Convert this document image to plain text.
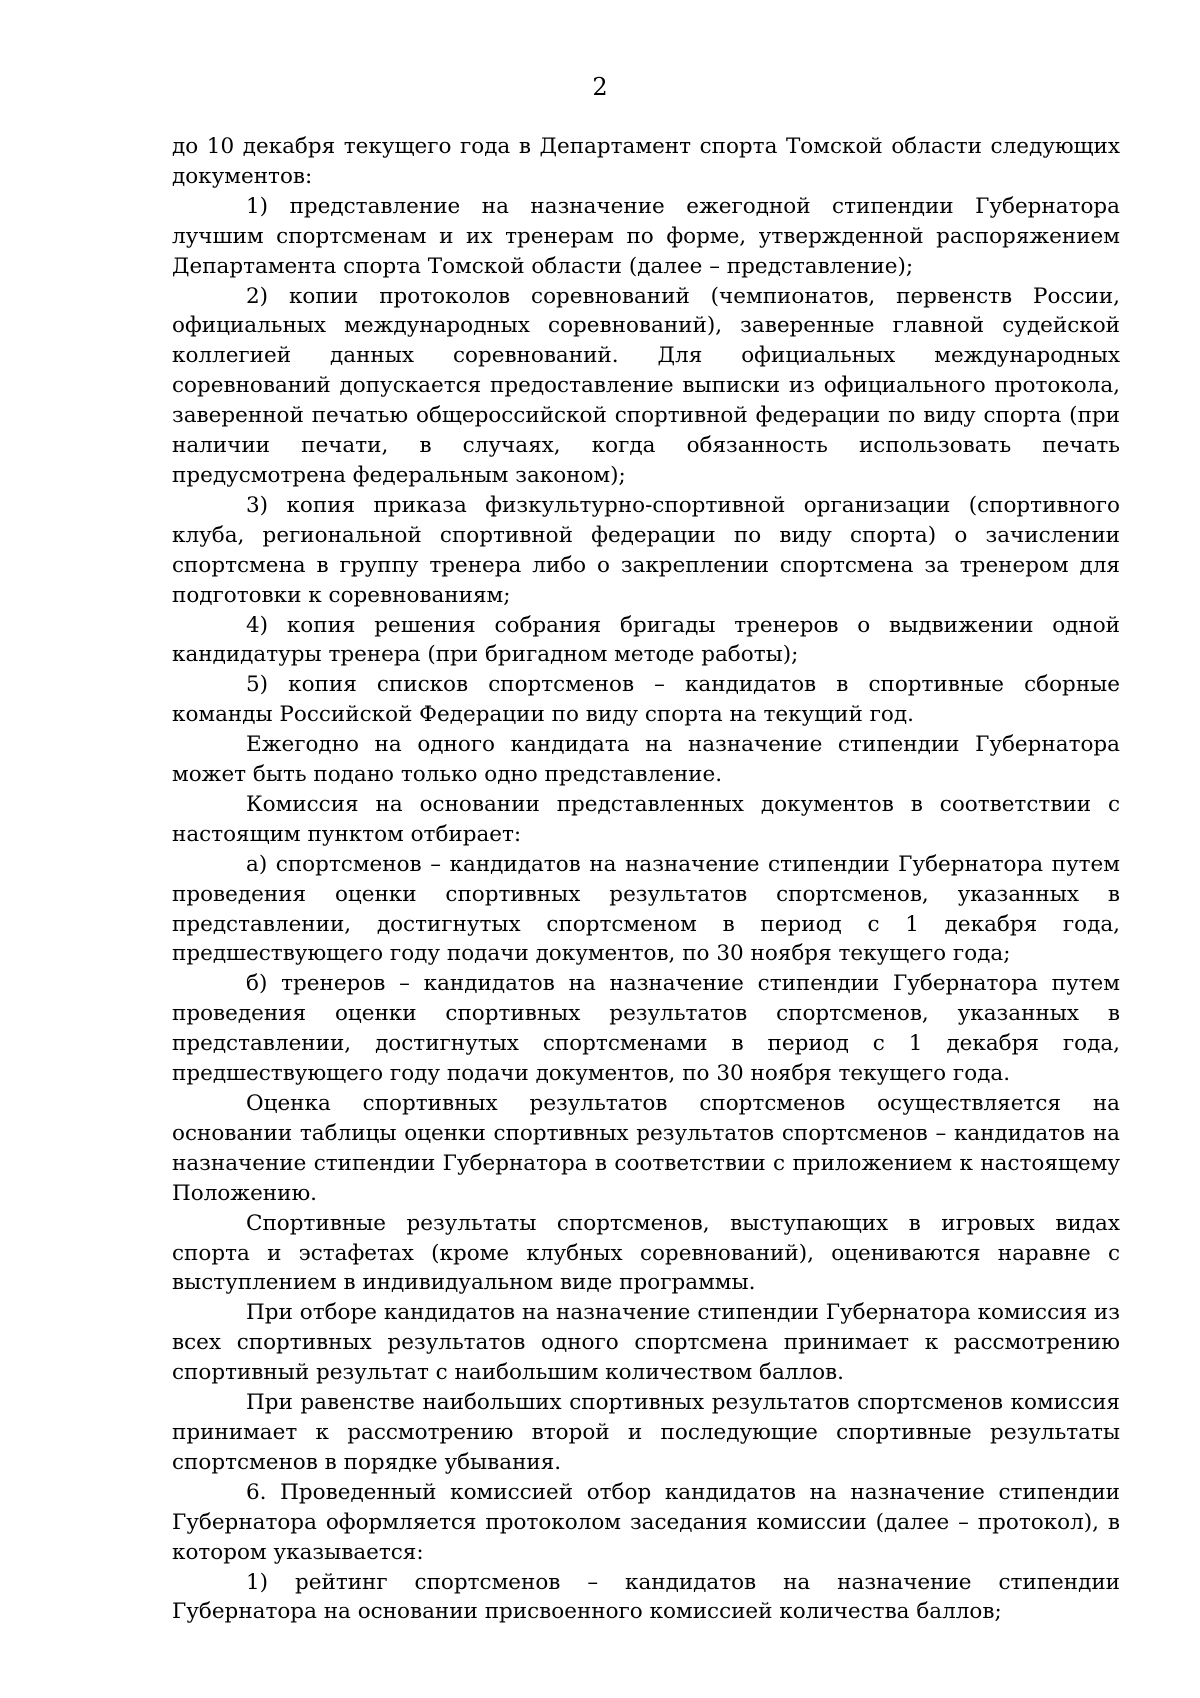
2

до 10 декабря текущего года в Департамент спорта Томской области следующих документов:

1) представление на назначение ежегодной стипендии Губернатора лучшим спортсменам и их тренерам по форме, утвержденной распоряжением Департамента спорта Томской области (далее – представление);

2) копии протоколов соревнований (чемпионатов, первенств России, официальных международных соревнований), заверенные главной судейской коллегией данных соревнований. Для официальных международных соревнований допускается предоставление выписки из официального протокола, заверенной печатью общероссийской спортивной федерации по виду спорта (при наличии печати, в случаях, когда обязанность использовать печать предусмотрена федеральным законом);

3) копия приказа физкультурно-спортивной организации (спортивного клуба, региональной спортивной федерации по виду спорта) о зачислении спортсмена в группу тренера либо о закреплении спортсмена за тренером для подготовки к соревнованиям;

4) копия решения собрания бригады тренеров о выдвижении одной кандидатуры тренера (при бригадном методе работы);

5) копия списков спортсменов – кандидатов в спортивные сборные команды Российской Федерации по виду спорта на текущий год.

Ежегодно на одного кандидата на назначение стипендии Губернатора может быть подано только одно представление.

Комиссия на основании представленных документов в соответствии с настоящим пунктом отбирает:

а) спортсменов – кандидатов на назначение стипендии Губернатора путем проведения оценки спортивных результатов спортсменов, указанных в представлении, достигнутых спортсменом в период с 1 декабря года, предшествующего году подачи документов, по 30 ноября текущего года;

б) тренеров – кандидатов на назначение стипендии Губернатора путем проведения оценки спортивных результатов спортсменов, указанных в представлении, достигнутых спортсменами в период с 1 декабря года, предшествующего году подачи документов, по 30 ноября текущего года.

Оценка спортивных результатов спортсменов осуществляется на основании таблицы оценки спортивных результатов спортсменов – кандидатов на назначение стипендии Губернатора в соответствии с приложением к настоящему Положению.

Спортивные результаты спортсменов, выступающих в игровых видах спорта и эстафетах (кроме клубных соревнований), оцениваются наравне с выступлением в индивидуальном виде программы.

При отборе кандидатов на назначение стипендии Губернатора комиссия из всех спортивных результатов одного спортсмена принимает к рассмотрению спортивный результат с наибольшим количеством баллов.

При равенстве наибольших спортивных результатов спортсменов комиссия принимает к рассмотрению второй и последующие спортивные результаты спортсменов в порядке убывания.

6. Проведенный комиссией отбор кандидатов на назначение стипендии Губернатора оформляется протоколом заседания комиссии (далее – протокол), в котором указывается:

1) рейтинг спортсменов – кандидатов на назначение стипендии Губернатора на основании присвоенного комиссией количества баллов;
